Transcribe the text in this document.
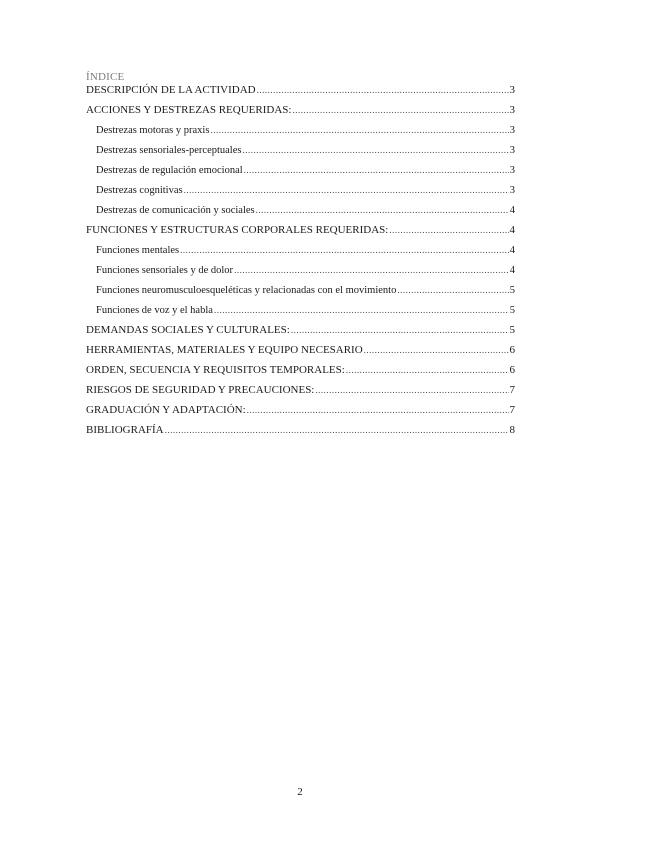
ÍNDICE
DESCRIPCIÓN DE LA ACTIVIDAD .....	3
ACCIONES Y DESTREZAS REQUERIDAS: .....	3
Destrezas motoras y praxis .....	3
Destrezas sensoriales-perceptuales .....	3
Destrezas de regulación emocional .....	3
Destrezas cognitivas .....	3
Destrezas de comunicación y sociales .....	4
FUNCIONES Y ESTRUCTURAS CORPORALES REQUERIDAS: .....	4
Funciones mentales .....	4
Funciones sensoriales y de dolor .....	4
Funciones neuromusculoesqueléticas y relacionadas con el movimiento .....	5
Funciones de voz y el habla .....	5
DEMANDAS SOCIALES Y CULTURALES: .....	5
HERRAMIENTAS, MATERIALES Y EQUIPO NECESARIO .....	6
ORDEN, SECUENCIA Y REQUISITOS TEMPORALES: .....	6
RIESGOS DE SEGURIDAD Y PRECAUCIONES: .....	7
GRADUACIÓN Y ADAPTACIÓN: .....	7
BIBLIOGRAFÍA .....	8
2
